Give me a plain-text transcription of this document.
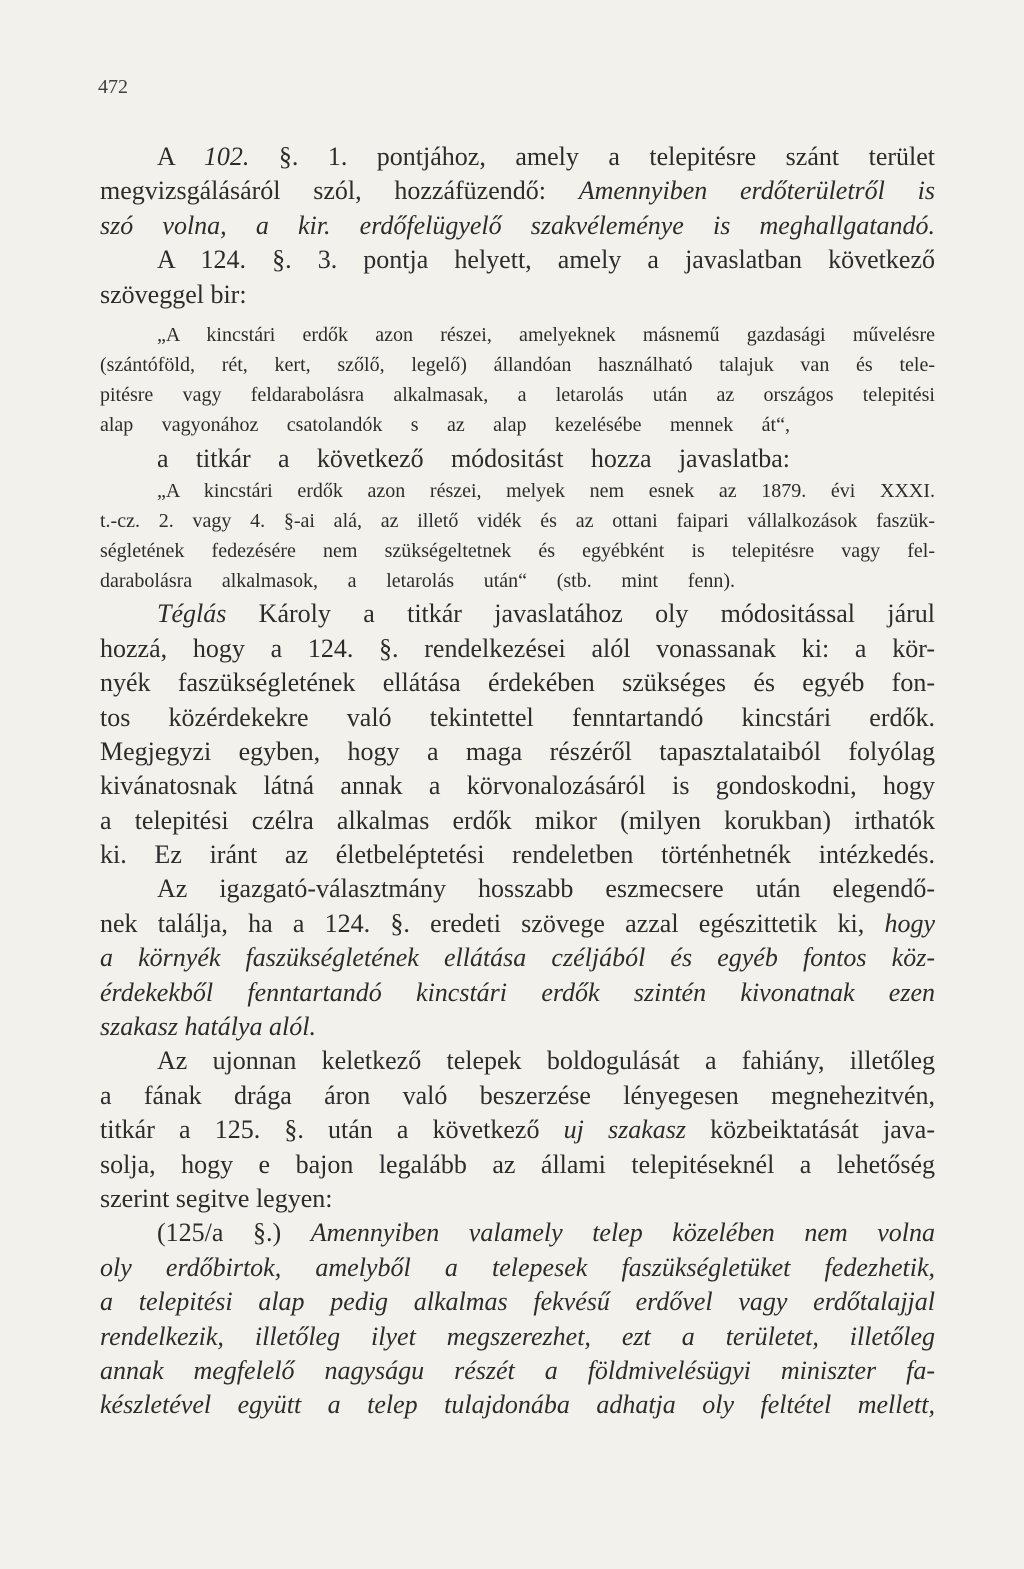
472
A 102. §. 1. pontjához, amely a telepitésre szánt terület
megvizsgálásáról szól, hozzáfüzendő: Amennyiben erdőterületről is
szó volna, a kir. erdőfelügyelő szakvéleménye is meghallgatandó.
A 124. §. 3. pontja helyett, amely a javaslatban következő
szöveggel bir:
„A kincstári erdők azon részei, amelyeknek másnemű gazdasági művelésre
(szántóföld, rét, kert, szőlő, legelő) állandóan használható talajuk van és tele-
pitésre vagy feldarabolásra alkalmasak, a letarolás után az országos telepitési
alap vagyonához csatolandók s az alap kezelésébe mennek át“,
a titkár a következő módositást hozza javaslatba:
„A kincstári erdők azon részei, melyek nem esnek az 1879. évi XXXI.
t.-cz. 2. vagy 4. §-ai alá, az illető vidék és az ottani faipari vállalkozások faszük-
ségletének fedezésére nem szükségeltetnek és egyébként is telepitésre vagy fel-
darabolásra alkalmasok, a letarolás után“ (stb. mint fenn).
Téglás Károly a titkár javaslatához oly módositással járul
hozzá, hogy a 124. §. rendelkezései alól vonassanak ki: a kör-
nyék faszükségletének ellátása érdekében szükséges és egyéb fon-
tos közérdekekre való tekintettel fenntartandó kincstári erdők.
Megjegyzi egyben, hogy a maga részéről tapasztalataiból folyólag
kivánatosnak látná annak a körvonalozásáról is gondoskodni, hogy
a telepitési czélra alkalmas erdők mikor (milyen korukban) irthatók
ki. Ez iránt az életbeléptetési rendeletben történhetnék intézkedés.
Az igazgató-választmány hosszabb eszmecsere után elegendő-
nek találja, ha a 124. §. eredeti szövege azzal egészittetik ki, hogy
a környék faszükségletének ellátása czéljából és egyéb fontos köz-
érdekekből fenntartandó kincstári erdők szintén kivonatnak ezen
szakasz hatálya alól.
Az ujonnan keletkező telepek boldogulását a fahiány, illetőleg
a fának drága áron való beszerzése lényegesen megnehezitvén,
titkár a 125. §. után a következő uj szakasz közbeiktatását java-
solja, hogy e bajon legalább az állami telepitéseknél a lehetőség
szerint segitve legyen:
(125/a §.) Amennyiben valamely telep közelében nem volna
oly erdőbirtok, amelyből a telepesek faszükségletüket fedezhetik,
a telepitési alap pedig alkalmas fekvésű erdővel vagy erdőtalajjal
rendelkezik, illetőleg ilyet megszerezhet, ezt a területet, illetőleg
annak megfelelő nagyságu részét a földmivelésügyi miniszter fa-
készletével együtt a telep tulajdonába adhatja oly feltétel mellett,
